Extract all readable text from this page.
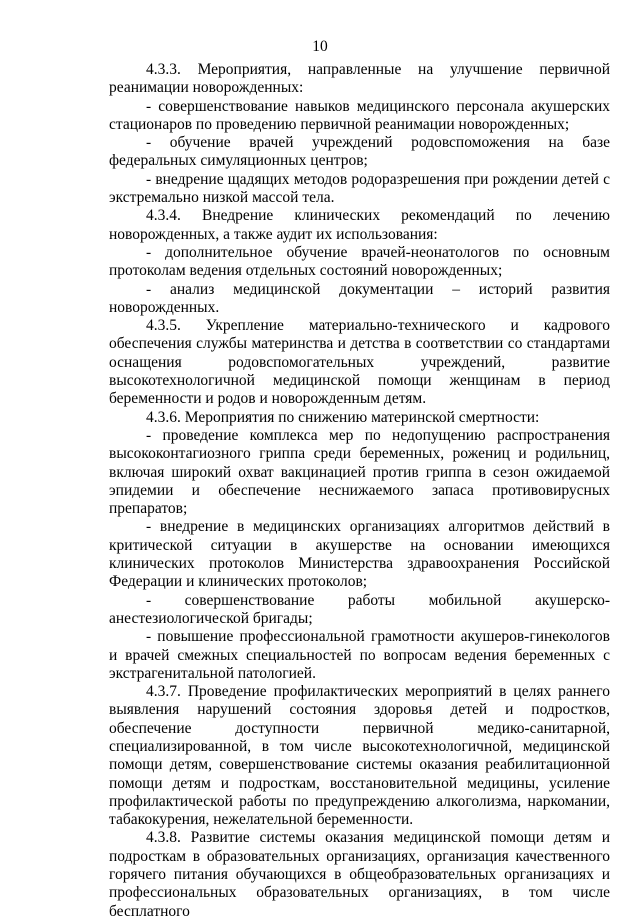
10

4.3.3. Мероприятия, направленные на улучшение первичной реанимации новорожденных:

- совершенствование навыков медицинского персонала акушерских стационаров по проведению первичной реанимации новорожденных;

- обучение врачей учреждений родовспоможения на базе федеральных симуляционных центров;

- внедрение щадящих методов родоразрешения при рождении детей с экстремально низкой массой тела.

4.3.4. Внедрение клинических рекомендаций по лечению новорожденных, а также аудит их использования:

- дополнительное обучение врачей-неонатологов по основным протоколам ведения отдельных состояний новорожденных;

- анализ медицинской документации – историй развития новорожденных.

4.3.5. Укрепление материально-технического и кадрового обеспечения службы материнства и детства в соответствии со стандартами оснащения родовспомогательных учреждений, развитие высокотехнологичной медицинской помощи женщинам в период беременности и родов и новорожденным детям.

4.3.6. Мероприятия по снижению материнской смертности:

- проведение комплекса мер по недопущению распространения высококонтагиозного гриппа среди беременных, рожениц и родильниц, включая широкий охват вакцинацией против гриппа в сезон ожидаемой эпидемии и обеспечение неснижаемого запаса противовирусных препаратов;

- внедрение в медицинских организациях алгоритмов действий в критической ситуации в акушерстве на основании имеющихся клинических протоколов Министерства здравоохранения Российской Федерации и клинических протоколов;

- совершенствование работы мобильной акушерско-анестезиологической бригады;

- повышение профессиональной грамотности акушеров-гинекологов и врачей смежных специальностей по вопросам ведения беременных с экстрагенитальной патологией.

4.3.7. Проведение профилактических мероприятий в целях раннего выявления нарушений состояния здоровья детей и подростков, обеспечение доступности первичной медико-санитарной, специализированной, в том числе высокотехнологичной, медицинской помощи детям, совершенствование системы оказания реабилитационной помощи детям и подросткам, восстановительной медицины, усиление профилактической работы по предупреждению алкоголизма, наркомании, табакокурения, нежелательной беременности.

4.3.8. Развитие системы оказания медицинской помощи детям и подросткам в образовательных организациях, организация качественного горячего питания обучающихся в общеобразовательных организациях и профессиональных образовательных организациях, в том числе бесплатного
